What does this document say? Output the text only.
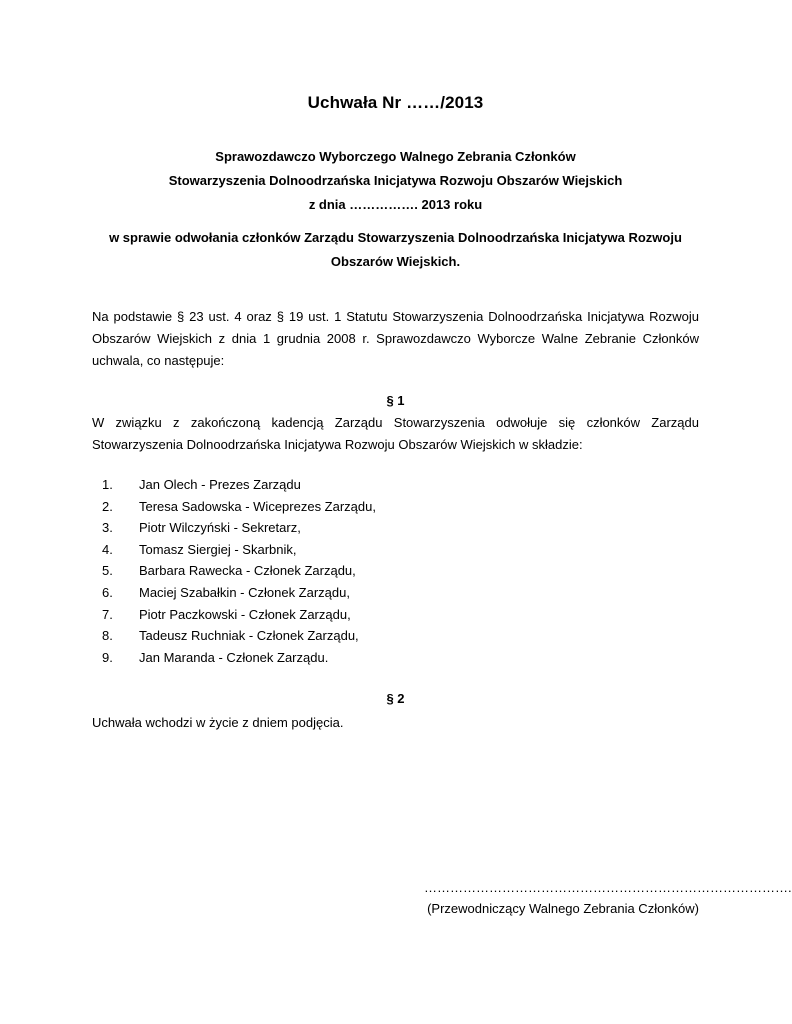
Uchwała Nr ……/2013
Sprawozdawczo Wyborczego Walnego Zebrania Członków
Stowarzyszenia Dolnoodrzańska Inicjatywa Rozwoju Obszarów Wiejskich
z dnia ……………. 2013 roku
w sprawie odwołania członków Zarządu Stowarzyszenia Dolnoodrzańska Inicjatywa Rozwoju Obszarów Wiejskich.
Na podstawie § 23 ust. 4 oraz § 19 ust. 1 Statutu Stowarzyszenia Dolnoodrzańska Inicjatywa Rozwoju Obszarów Wiejskich z dnia 1 grudnia 2008 r. Sprawozdawczo Wyborcze Walne Zebranie Członków uchwala, co następuje:
§ 1
W związku z zakończoną kadencją Zarządu Stowarzyszenia odwołuje się członków Zarządu Stowarzyszenia Dolnoodrzańska Inicjatywa Rozwoju Obszarów Wiejskich w składzie:
1.	Jan Olech - Prezes Zarządu
2.	Teresa Sadowska - Wiceprezes Zarządu,
3.	Piotr Wilczyński - Sekretarz,
4.	Tomasz Siergiej - Skarbnik,
5.	Barbara Rawecka - Członek Zarządu,
6.	Maciej Szabałkin - Członek Zarządu,
7.	Piotr Paczkowski - Członek Zarządu,
8.	Tadeusz Ruchniak - Członek Zarządu,
9.	Jan Maranda - Członek Zarządu.
§ 2
Uchwała wchodzi w życie z dniem podjęcia.
………………………………………………………………………….
(Przewodniczący Walnego Zebrania Członków)
